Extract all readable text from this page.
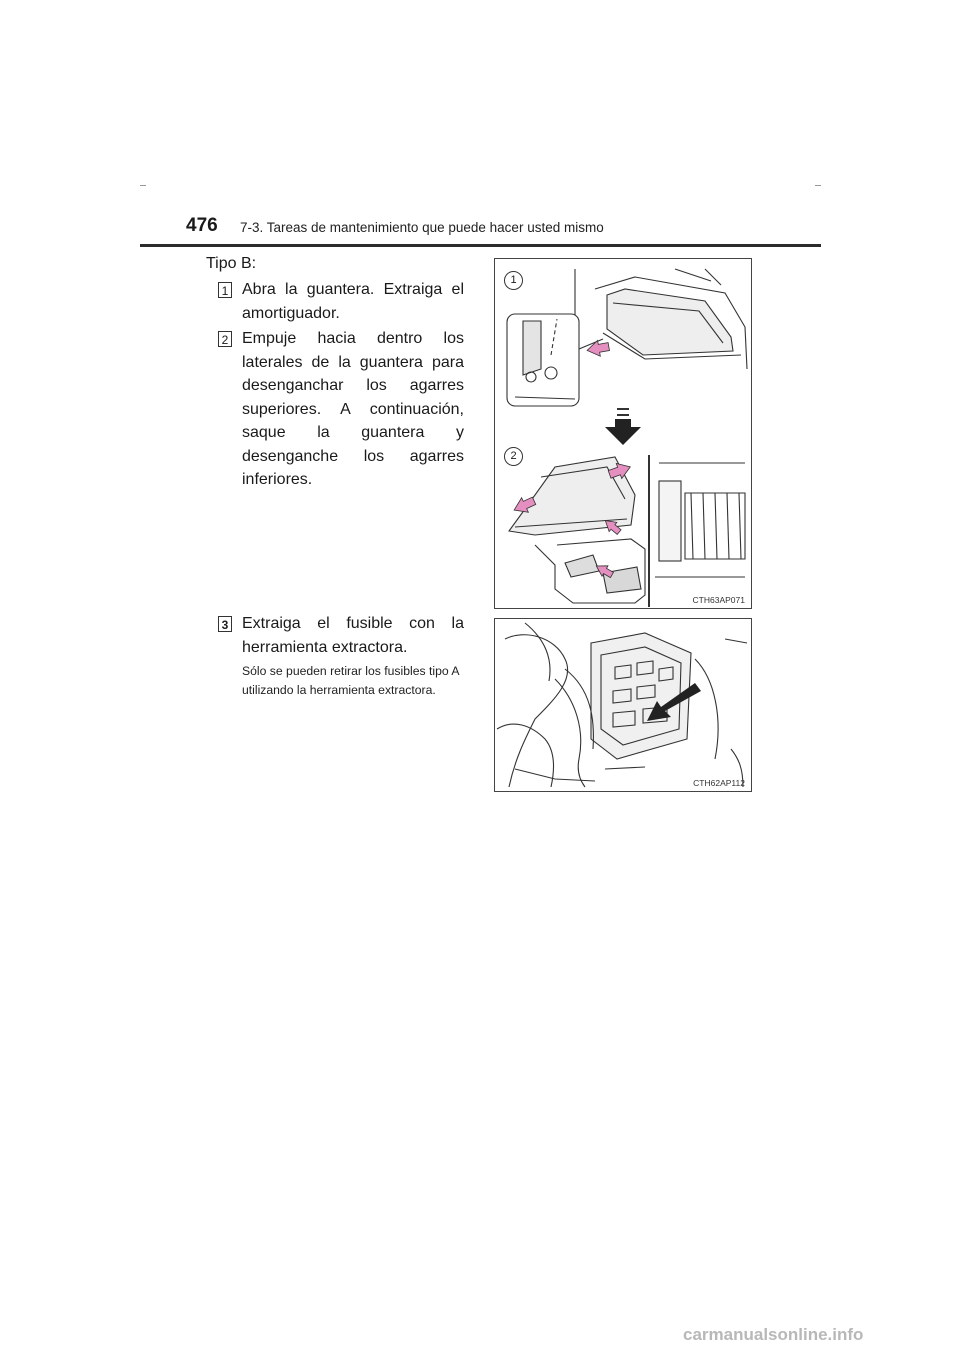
476 7-3. Tareas de mantenimiento que puede hacer usted mismo
Tipo B:
1 Abra la guantera. Extraiga el amortiguador.
2 Empuje hacia dentro los laterales de la guantera para desenganchar los agarres superiores. A continuación, saque la guantera y desenganche los agarres inferiores.
3 Extraiga el fusible con la herramienta extractora.
Sólo se pueden retirar los fusibles tipo A utilizando la herramienta extractora.
1
2
CTH63AP071
CTH62AP112
carmanualsonline.info
